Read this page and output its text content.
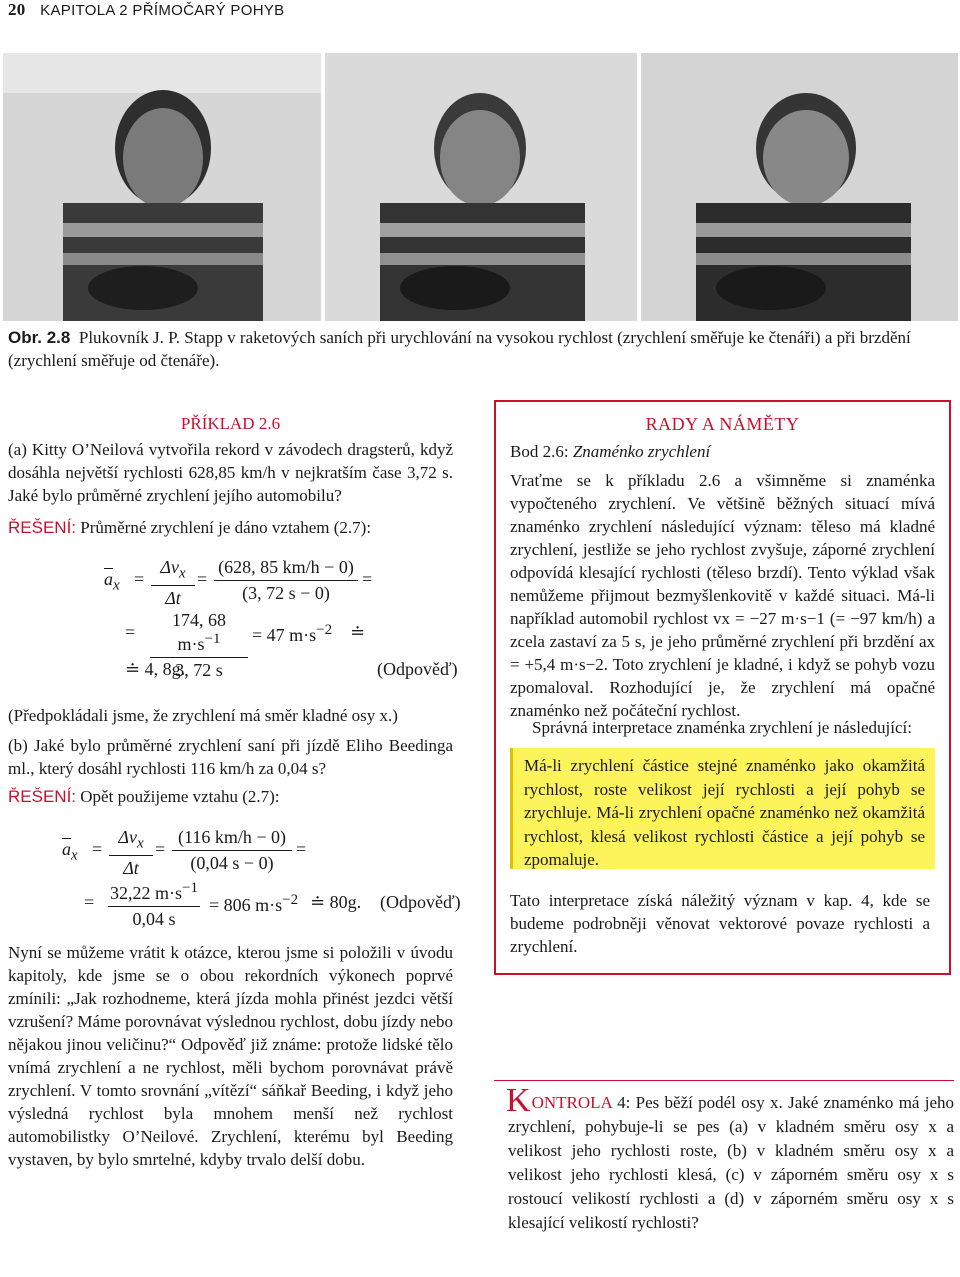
20 KAPITOLA 2 PŘÍMOČARÝ POHYB
Obr. 2.8 Plukovník J. P. Stapp v raketových saních při urychlování na vysokou rychlost (zrychlení směřuje ke čtenáři) a při brzdění (zrychlení směřuje od čtenáře).
PŘÍKLAD 2.6
(a) Kitty O’Neilová vytvořila rekord v závodech dragsterů, když dosáhla největší rychlosti 628,85 km/h v nejkratším čase 3,72 s. Jaké bylo průměrné zrychlení jejího automobilu?
ŘEŠENÍ: Průměrné zrychlení je dáno vztahem (2.7):
$\overline{a}_x$ =
$\Delta v_x$
Δt
= $\frac{(628, 85 km/h - 0)}{(3, 72 s - 0)}$ =
= $\frac{174, 68 m\cdot s^{-1}}{3, 72 s} = 47$ $m\cdot s^{-2}$ ≐
≐ 4, 8g.	(Odpověď)
(Předpokládali jsme, že zrychlení má směr kladné osy x.)
(b) Jaké bylo průměrné zrychlení saní při jízdě Eliho Beedinga ml., který dosáhl rychlosti 116 km/h za 0,04 s?
ŘEŠENÍ: Opět použijeme vztahu (2.7):
$\overline{a}_x$ =
$\Delta v_x$
Δt
= $\frac{(116 km/h - 0)}{(0,04 s - 0)}$ =
= $\frac{32,22 m\cdot s^{-1}}{0,04 s} = 806$ $m\cdot s^{-2}$ ≐ 80g. (Odpověď)
Nyní se můžeme vrátit k otázce, kterou jsme si položili v úvodu kapitoly, kde jsme se o obou rekordních výkonech poprvé zmínili: „Jak rozhodneme, která jízda mohla přinést jezdci větší vzrušení? Máme porovnávat výslednou rychlost, dobu jízdy nebo nějakou jinou veličinu?“ Odpověď již známe: protože lidské tělo vnímá zrychlení a ne rychlost, měli bychom porovnávat právě zrychlení. V tomto srovnání „vítězí“ sáňkař Beeding, i když jeho výsledná rychlost byla mnohem menší než rychlost automobilistky O’Neilové. Zrychlení, kterému byl Beeding vystaven, by bylo smrtelné, kdyby trvalo delší dobu.
RADY A NÁMĚTY
Bod 2.6: Znaménko zrychlení
Vraťme se k příkladu 2.6 a všimněme si znaménka vypočteného zrychlení. Ve většině běžných situací mívá znaménko zrychlení následující význam: těleso má kladné zrychlení, jestliže se jeho rychlost zvyšuje, záporné zrychlení odpovídá klesající rychlosti (těleso brzdí). Tento výklad však nemůžeme přijmout bezmyšlenkovitě v každé situaci. Má-li například automobil rychlost vx = −27 m·s−1 (= −97 km/h) a zcela zastaví za 5 s, je jeho průměrné zrychlení při brzdění ax = +5,4 m·s−2. Toto zrychlení je kladné, i když se pohyb vozu zpomaloval. Rozhodující je, že zrychlení má opačné znaménko než počáteční rychlost.
Správná interpretace znaménka zrychlení je následující:
Má-li zrychlení částice stejné znaménko jako okamžitá rychlost, roste velikost její rychlosti a její pohyb se zrychluje. Má-li zrychlení opačné znaménko než okamžitá rychlost, klesá velikost rychlosti částice a její pohyb se zpomaluje.
Tato interpretace získá náležitý význam v kap. 4, kde se budeme podrobněji věnovat vektorové povaze rychlosti a zrychlení.
KONTROLA 4: Pes běží podél osy x. Jaké znaménko má jeho zrychlení, pohybuje-li se pes (a) v kladném směru osy x a velikost jeho rychlosti roste, (b) v kladném směru osy x a velikost jeho rychlosti klesá, (c) v záporném směru osy x s rostoucí velikostí rychlosti a (d) v záporném směru osy x s klesající velikostí rychlosti?
